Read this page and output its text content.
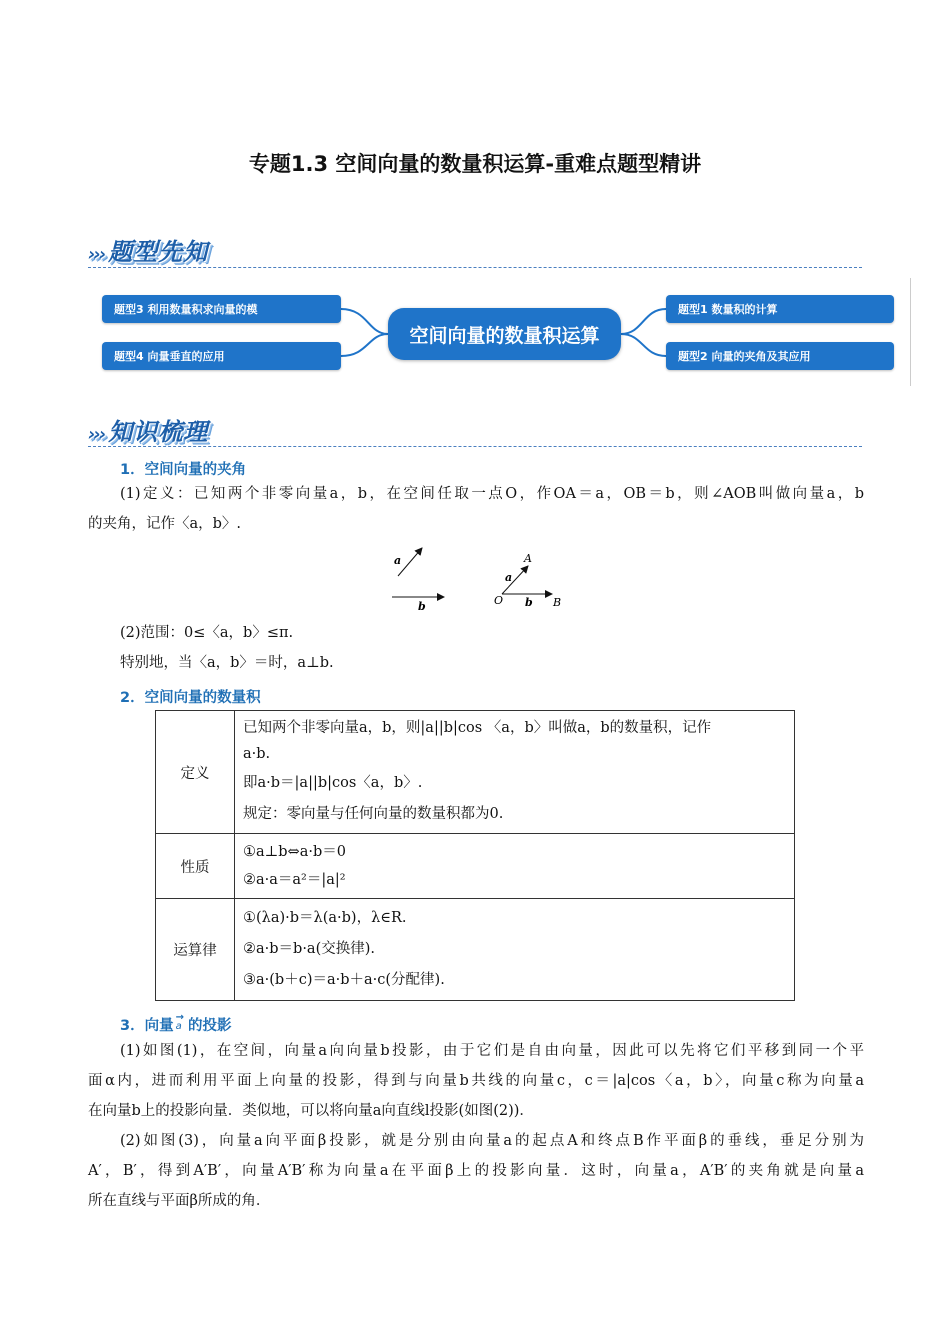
专题1.3 空间向量的数量积运算-重难点题型精讲
››› 题型先知
题型3 利用数量积求向量的模
题型4 向量垂直的应用
空间向量的数量积运算
题型1 数量积的计算
题型2 向量的夹角及其应用
››› 知识梳理
1．空间向量的夹角
(1)定义：已知两个非零向量a，b，在空间任取一点O，作OA＝a，OB＝b，则∠AOB叫做向量a，b
的夹角，记作〈a，b〉.
a
b
A
a
O b B
(2)范围：0≤〈a，b〉≤π.
特别地，当〈a，b〉＝时，a⊥b.
2．空间向量的数量积
定义	已知两个非零向量a，b，则|a||b|cos 〈a，b〉叫做a，b的数量积，记作
a·b.
即a·b＝|a||b|cos〈a，b〉.
规定：零向量与任何向量的数量积都为0.

性质	①a⊥b⇔a·b＝0
②a·a＝a²＝|a|²

运算律	①(λa)·b＝λ(a·b)，λ∈R.
②a·b＝b·a(交换律).
③a·(b＋c)＝a·b＋a·c(分配律).
3．向量$^{\to a}$ 的投影
(1)如图(1)，在空间，向量a向向量b投影，由于它们是自由向量，因此可以先将它们平移到同一个平
面α内，进而利用平面上向量的投影，得到与向量b共线的向量c，c＝|a|cos〈a，b〉，向量c称为向量a
在向量b上的投影向量．类似地，可以将向量a向直线l投影(如图(2))．
(2)如图(3)，向量a向平面β投影，就是分别由向量a的起点A和终点B作平面β的垂线，垂足分别为
A′，B′，得到A′B′，向量A′B′称为向量a在平面β上的投影向量．这时，向量a，A′B′的夹角就是向量a
所在直线与平面β所成的角．
